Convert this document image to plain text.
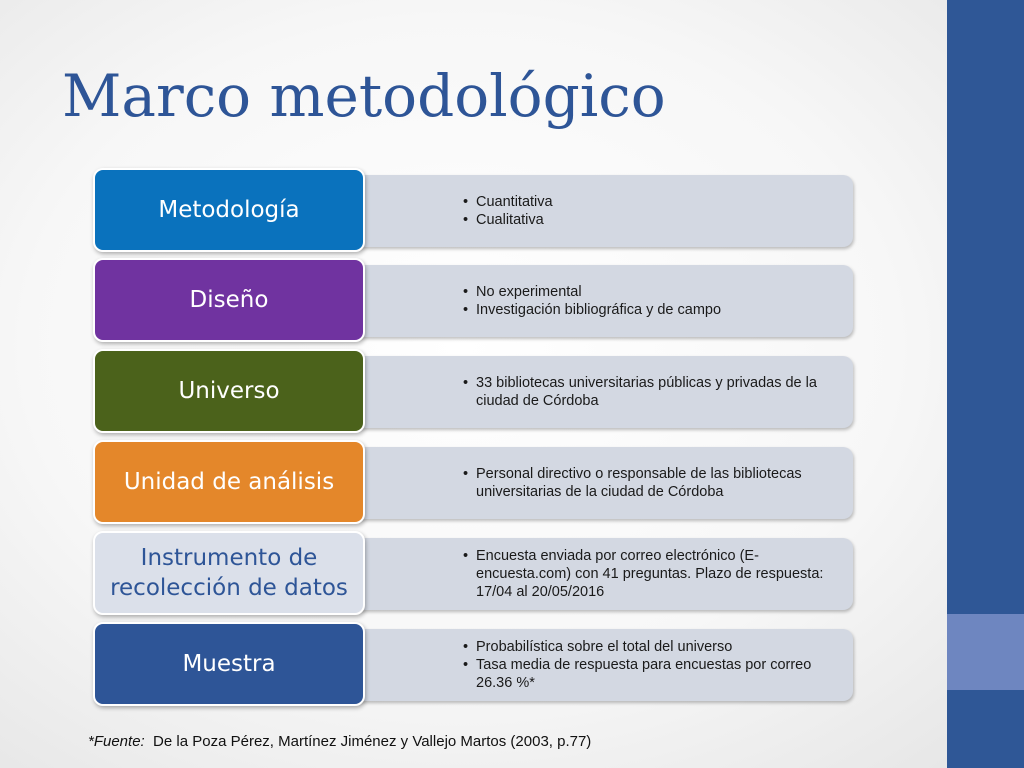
Marco metodológico
• Cuantitativa
• Cualitativa
Metodología
• No experimental
• Investigación bibliográfica y de campo
Diseño
• 33 bibliotecas universitarias públicas y privadas de la ciudad de Córdoba
Universo
• Personal directivo o responsable de las bibliotecas universitarias de la ciudad de Córdoba
Unidad de análisis
• Encuesta enviada por correo electrónico (E-encuesta.com) con 41 preguntas. Plazo de respuesta: 17/04 al 20/05/2016
Instrumento de recolección de datos
• Probabilística sobre el total del universo
• Tasa media de respuesta para encuestas por correo 26.36 %*
Muestra
*Fuente:  De la Poza Pérez, Martínez Jiménez y Vallejo Martos (2003, p.77)
